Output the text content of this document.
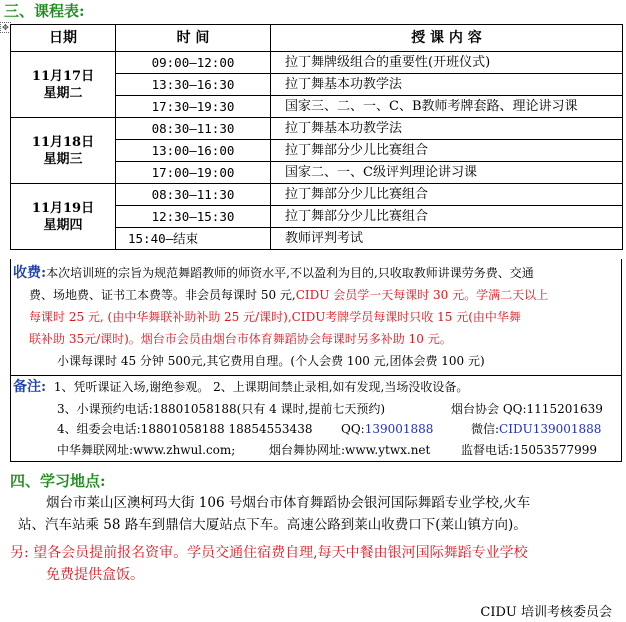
✥
三、课程表:
日期	时 间	授 课 内 容

11月17日
星期二	09:00—12:00	拉丁舞牌级组合的重要性(开班仪式)
	13:30—16:30	拉丁舞基本功教学法
	17:30—19:30	国家三、二、一、C、B教师考牌套路、理论讲习课

11月18日
星期三	08:30—11:30	拉丁舞基本功教学法
	13:00—16:00	拉丁舞部分少儿比赛组合
	17:00—19:00	国家二、一、C级评判理论讲习课

11月19日
星期四	08:30—11:30	拉丁舞部分少儿比赛组合
	12:30—15:30	拉丁舞部分少儿比赛组合
	15:40—结束	教师评判考试
收费:本次培训班的宗旨为规范舞蹈教师的师资水平,不以盈利为目的,只收取教师讲课劳务费、交通
费、场地费、证书工本费等。非会员每课时 50 元,CIDU 会员学一天每课时 30 元。学满二天以上
每课时 25 元, (由中华舞联补助补助 25 元/课时),CIDU考牌学员每课时只收 15 元(由中华舞
联补助 35元/课时)。烟台市会员由烟台市体育舞蹈协会每课时另多补助 10 元。
小课每课时 45 分钟 500元,其它费用自理。(个人会费 100 元,团体会费 100 元)
备注: 1、凭听课证入场,谢绝参观。 2、上课期间禁止录相,如有发现,当场没收设备。
3、小课预约电话:18801058188(只有 4 课时,提前七天预约)	烟台协会 QQ:1115201639
4、组委会电话:18801058188 18854553438 QQ:139001888	微信:CIDU139001888
中华舞联网址:www.zhwul.com;	烟台舞协网址:www.ytwx.net	监督电话:15053577999
四、学习地点:
烟台市莱山区澳柯玛大街 106 号烟台市体育舞蹈协会银河国际舞蹈专业学校,火车
站、汽车站乘 58 路车到鼎信大厦站点下车。高速公路到莱山收费口下(莱山镇方向)。
另: 望各会员提前报名资审。学员交通住宿费自理,每天中餐由银河国际舞蹈专业学校
免费提供盒饭。
CIDU 培训考核委员会
